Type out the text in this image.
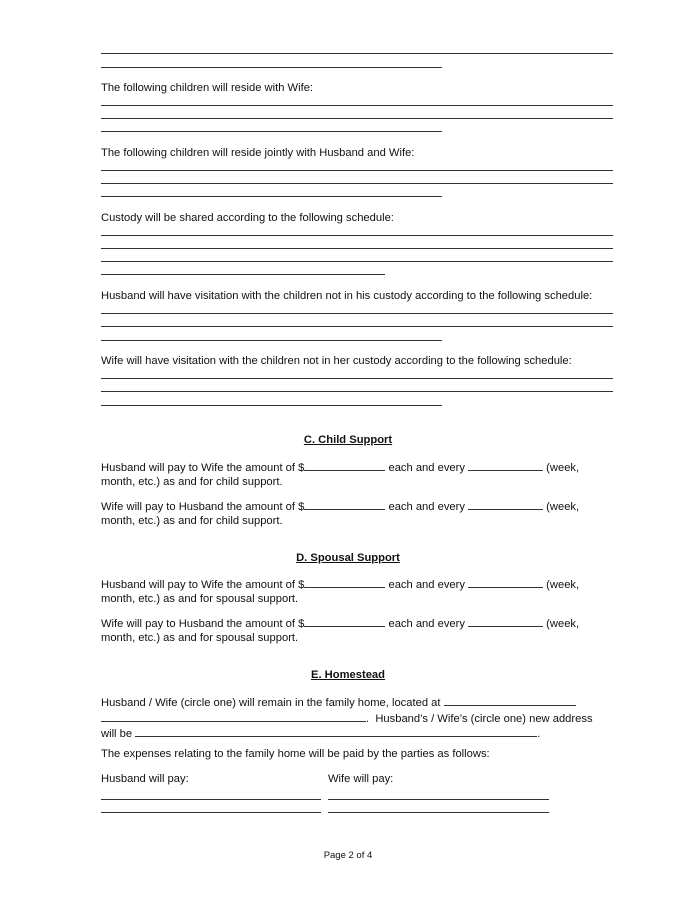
The following children will reside with Wife:
The following children will reside jointly with Husband and Wife:
Custody will be shared according to the following schedule:
Husband will have visitation with the children not in his custody according to the following schedule:
Wife will have visitation with the children not in her custody according to the following schedule:
C. Child Support
Husband will pay to Wife the amount of $	each and every	(week,
month, etc.) as and for child support.
Wife will pay to Husband the amount of $	each and every	(week,
month, etc.) as and for child support.
D. Spousal Support
Husband will pay to Wife the amount of $	each and every	(week,
month, etc.) as and for spousal support.
Wife will pay to Husband the amount of $	each and every	(week,
month, etc.) as and for spousal support.
E. Homestead
Husband / Wife (circle one) will remain in the family home, located at
.  Husband’s / Wife’s (circle one) new address
will be	.
The expenses relating to the family home will be paid by the parties as follows:
Husband will pay:	Wife will pay:
Page 2 of 4
